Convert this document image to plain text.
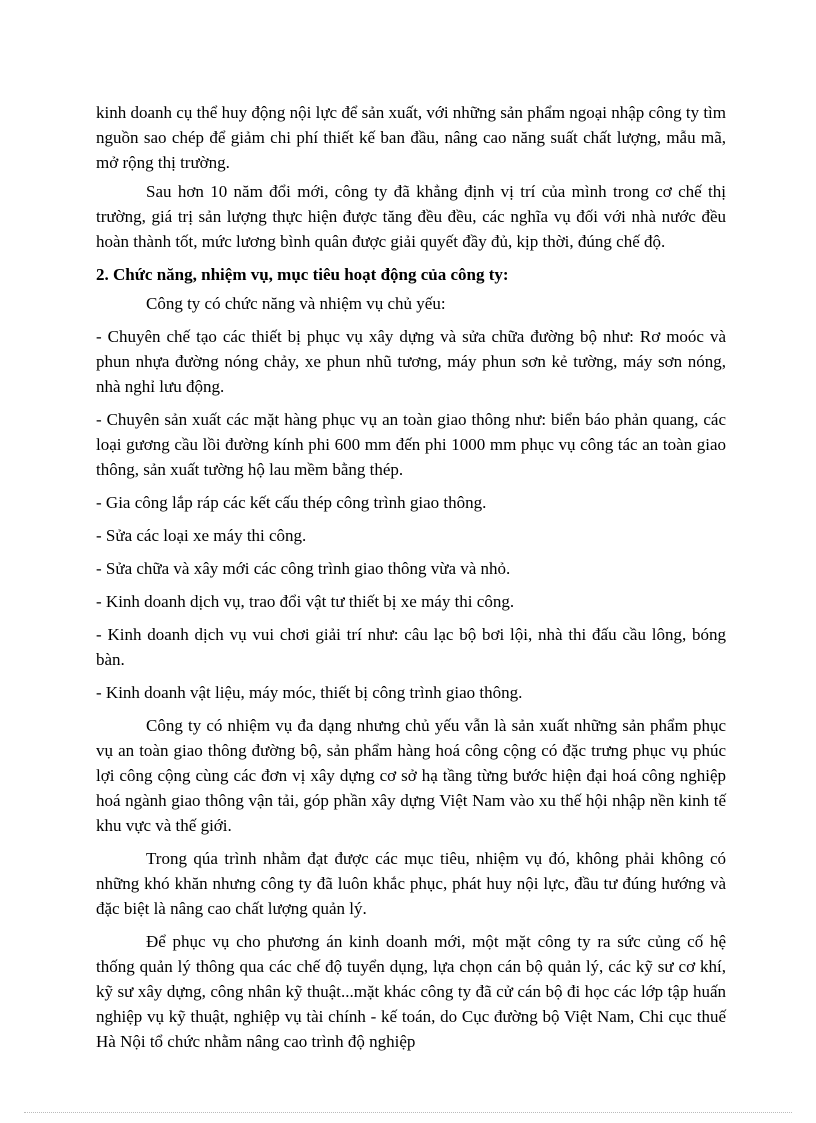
kinh doanh cụ thể huy động nội lực để sản xuất, với những sản phẩm ngoại nhập công ty tìm nguồn sao chép để giảm chi phí thiết kế ban đầu, nâng cao năng suất chất lượng, mẫu mã, mở rộng thị trường.

Sau hơn 10 năm đổi mới, công ty đã khẳng định vị trí của mình trong cơ chế thị trường, giá trị sản lượng thực hiện được tăng đều đều, các nghĩa vụ đối với nhà nước đều hoàn thành tốt, mức lương bình quân được giải quyết đầy đủ, kịp thời, đúng chế độ.

2. Chức năng, nhiệm vụ, mục tiêu hoạt động của công ty:

Công ty có chức năng và nhiệm vụ chủ yếu:

- Chuyên chế tạo các thiết bị phục vụ xây dựng và sửa chữa đường bộ như: Rơ moóc và phun nhựa đường nóng chảy, xe phun nhũ tương, máy phun sơn kẻ tường, máy sơn nóng, nhà nghỉ lưu động.

- Chuyên sản xuất các mặt hàng phục vụ an toàn giao thông như: biển báo phản quang, các loại gương cầu lồi đường kính phi 600 mm đến phi 1000 mm phục vụ công tác an toàn giao thông, sản xuất tường hộ lau mềm bằng thép.

- Gia công lắp ráp các kết cấu thép công trình giao thông.

- Sửa các loại xe máy thi công.

- Sửa chữa và xây mới các công trình giao thông vừa và nhỏ.

- Kinh doanh dịch vụ, trao đổi vật tư thiết bị xe máy thi công.

- Kinh doanh dịch vụ vui chơi giải trí như: câu lạc bộ bơi lội, nhà thi đấu cầu lông, bóng bàn.

- Kinh doanh vật liệu, máy móc, thiết bị công trình giao thông.

Công ty có nhiệm vụ đa dạng nhưng chủ yếu vẫn là sản xuất những sản phẩm phục vụ an toàn giao thông đường bộ, sản phẩm hàng hoá công cộng có đặc trưng phục vụ phúc lợi công cộng cùng các đơn vị xây dựng cơ sở hạ tầng từng bước hiện đại hoá công nghiệp hoá ngành giao thông vận tải, góp phần xây dựng Việt Nam vào xu thế hội nhập nền kinh tế khu vực và thế giới.

Trong qúa trình nhằm đạt được các mục tiêu, nhiệm vụ đó, không phải không có những khó khăn nhưng công ty đã luôn khắc phục, phát huy nội lực, đầu tư đúng hướng và đặc biệt là nâng cao chất lượng quản lý.

Để phục vụ cho phương án kinh doanh mới, một mặt công ty ra sức củng cố hệ thống quản lý thông qua các chế độ tuyển dụng, lựa chọn cán bộ quản lý, các kỹ sư cơ khí, kỹ sư xây dựng, công nhân kỹ thuật...mặt khác công ty đã cử cán bộ đi học các lớp tập huấn nghiệp vụ kỹ thuật, nghiệp vụ tài chính - kế toán, do Cục đường bộ Việt Nam, Chi cục thuế Hà Nội tổ chức nhằm nâng cao trình độ nghiệp
